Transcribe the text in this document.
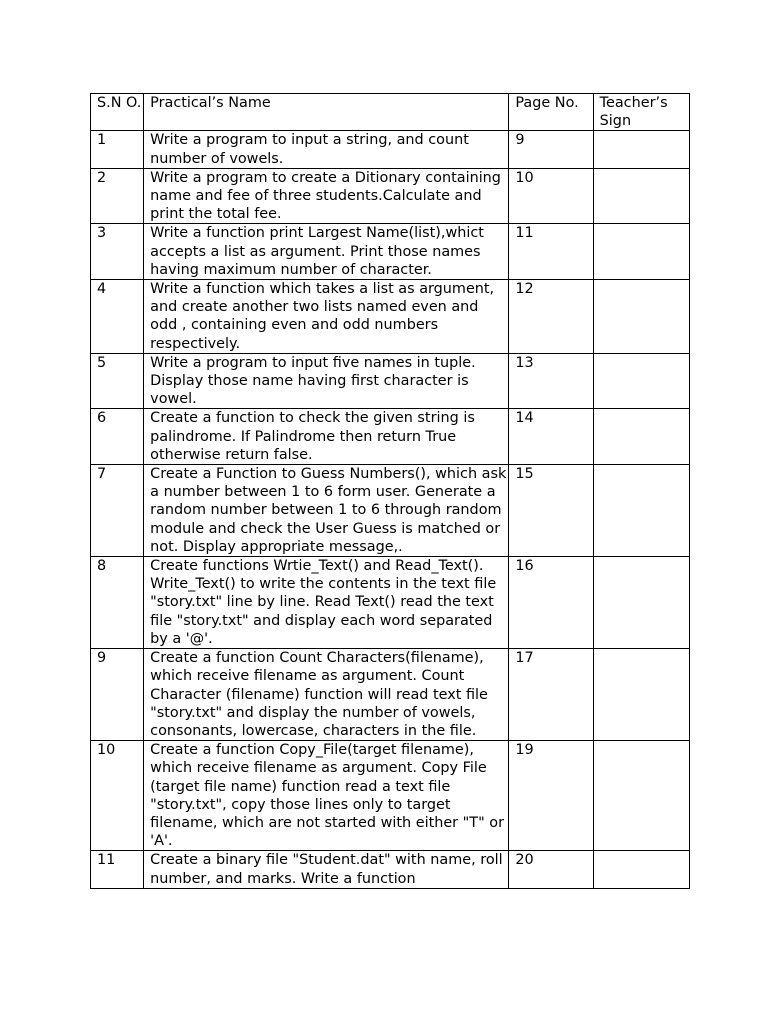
S.N O.	Practical’s Name	Page No.	Teacher’s Sign
1	Write a program to input a string, and count number of vowels.	9	
2	Write a program to create a Ditionary containing name and fee of three students.Calculate and print the total fee.	10	
3	Write a function print Largest Name(list),whict accepts a list as argument. Print those names having maximum number of character.	11	
4	Write a function which takes a list as argument, and create another two lists named even and odd , containing even and odd numbers respectively.	12	
5	Write a program to input five names in tuple. Display those name having first character is vowel.	13	
6	Create a function to check the given string is palindrome. If Palindrome then return True otherwise return false.	14	
7	Create a Function to Guess Numbers(), which ask a number between 1 to 6 form user. Generate a random number between 1 to 6 through random module and check the User Guess is matched or not. Display appropriate message,.	15	
8	Create functions Wrtie_Text() and Read_Text(). Write_Text() to write the contents in the text file "story.txt" line by line. Read Text() read the text file "story.txt" and display each word separated by a '@'.	16	
9	Create a function Count Characters(filename), which receive filename as argument. Count Character (filename) function will read text file "story.txt" and display the number of vowels, consonants, lowercase, characters in the file.	17	
10	Create a function Copy_File(target filename), which receive filename as argument. Copy File (target file name) function read a text file "story.txt", copy those lines only to target filename, which are not started with either "T" or 'A'.	19	
11	Create a binary file "Student.dat" with name, roll number, and marks. Write a function	20	
